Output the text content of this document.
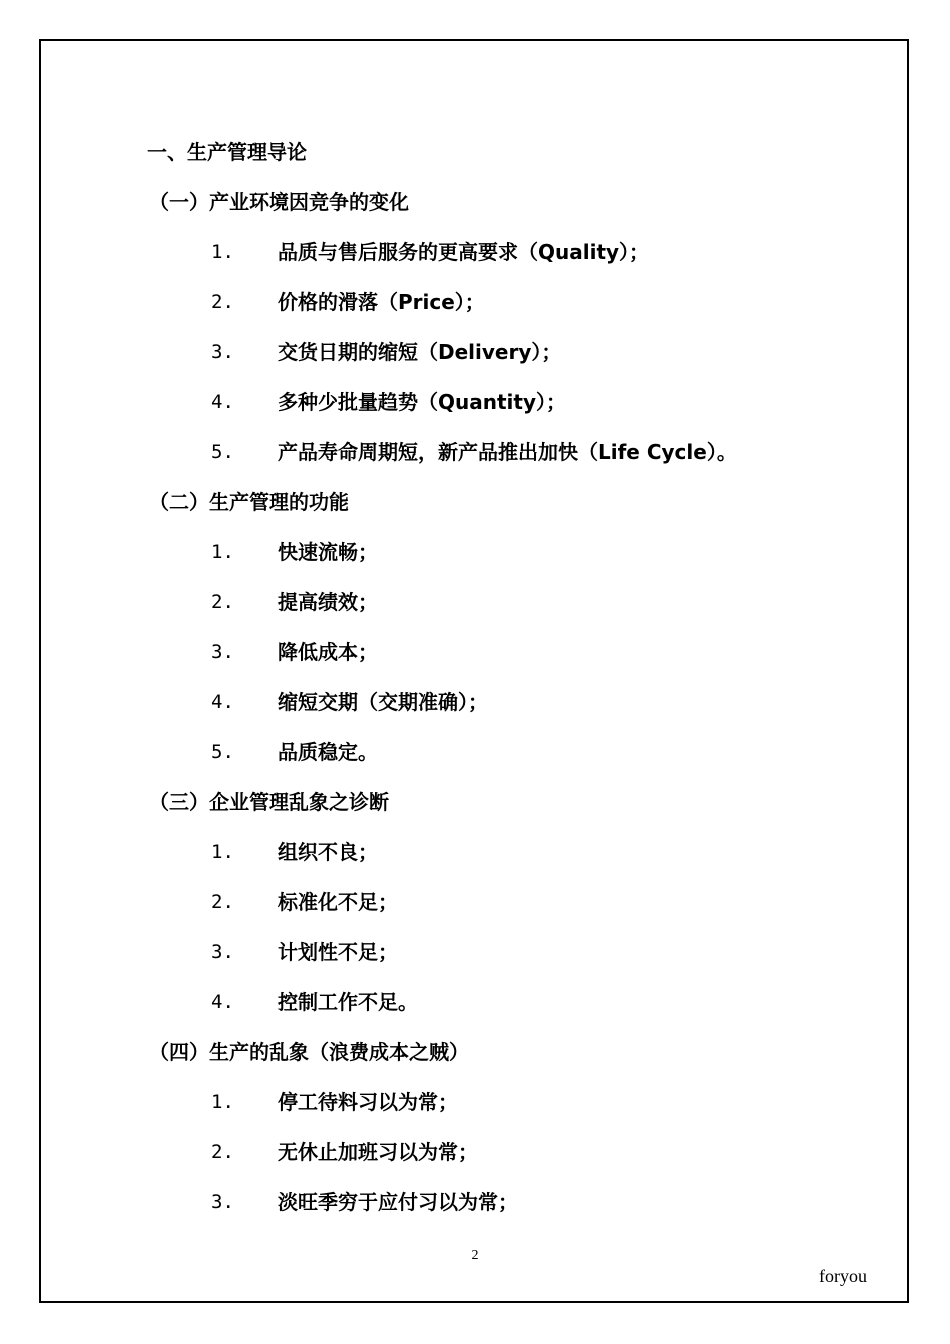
一、生产管理导论
（一）产业环境因竞争的变化
1.	品质与售后服务的更高要求（Quality）；
2.	价格的滑落（Price）；
3.	交货日期的缩短（Delivery）；
4.	多种少批量趋势（Quantity）；
5.	产品寿命周期短，新产品推出加快（Life Cycle）。
（二）生产管理的功能
1.	快速流畅；
2.	提高绩效；
3.	降低成本；
4.	缩短交期（交期准确）；
5.	品质稳定。
（三）企业管理乱象之诊断
1.	组织不良；
2.	标准化不足；
3.	计划性不足；
4.	控制工作不足。
（四）生产的乱象（浪费成本之贼）
1.	停工待料习以为常；
2.	无休止加班习以为常；
3.	淡旺季穷于应付习以为常；
2
foryou
